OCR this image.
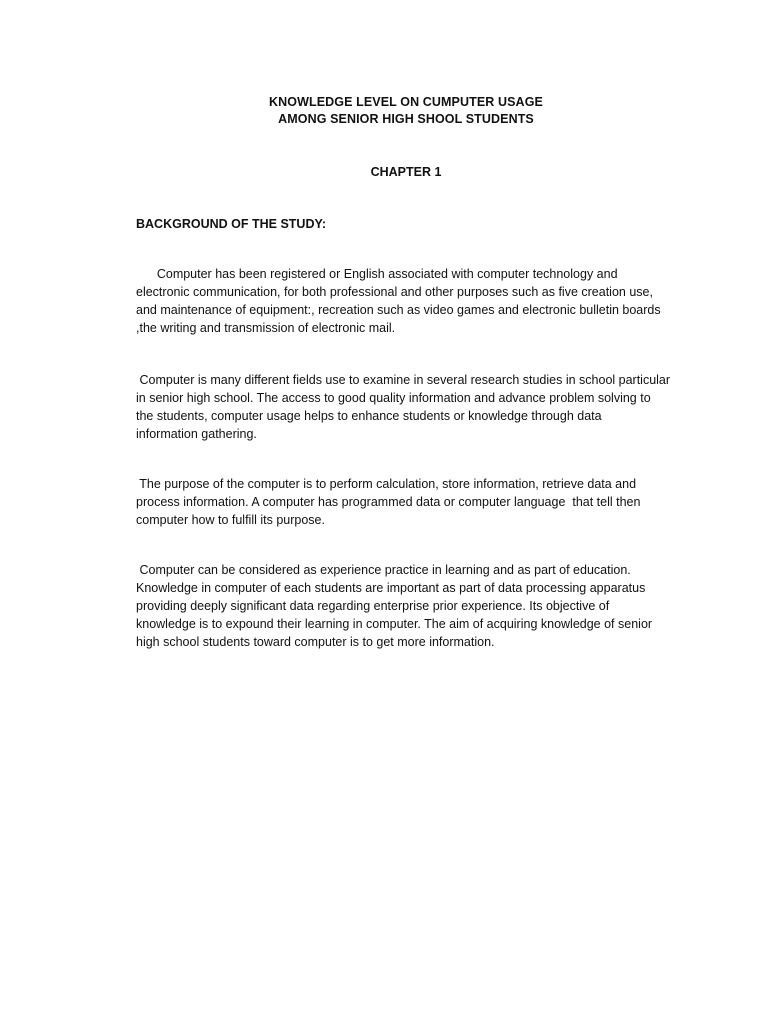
KNOWLEDGE LEVEL ON CUMPUTER USAGE
AMONG SENIOR HIGH SHOOL STUDENTS
CHAPTER 1
BACKGROUND OF THE STUDY:
Computer has been registered or English associated with computer technology and
electronic communication, for both professional and other purposes such as five creation use,
and maintenance of equipment:, recreation such as video games and electronic bulletin boards
,the writing and transmission of electronic mail.
Computer is many different fields use to examine in several research studies in school particular
in senior high school. The access to good quality information and advance problem solving to
the students, computer usage helps to enhance students or knowledge through data
information gathering.
The purpose of the computer is to perform calculation, store information, retrieve data and
process information. A computer has programmed data or computer language  that tell then
computer how to fulfill its purpose.
Computer can be considered as experience practice in learning and as part of education.
Knowledge in computer of each students are important as part of data processing apparatus
providing deeply significant data regarding enterprise prior experience. Its objective of
knowledge is to expound their learning in computer. The aim of acquiring knowledge of senior
high school students toward computer is to get more information.
